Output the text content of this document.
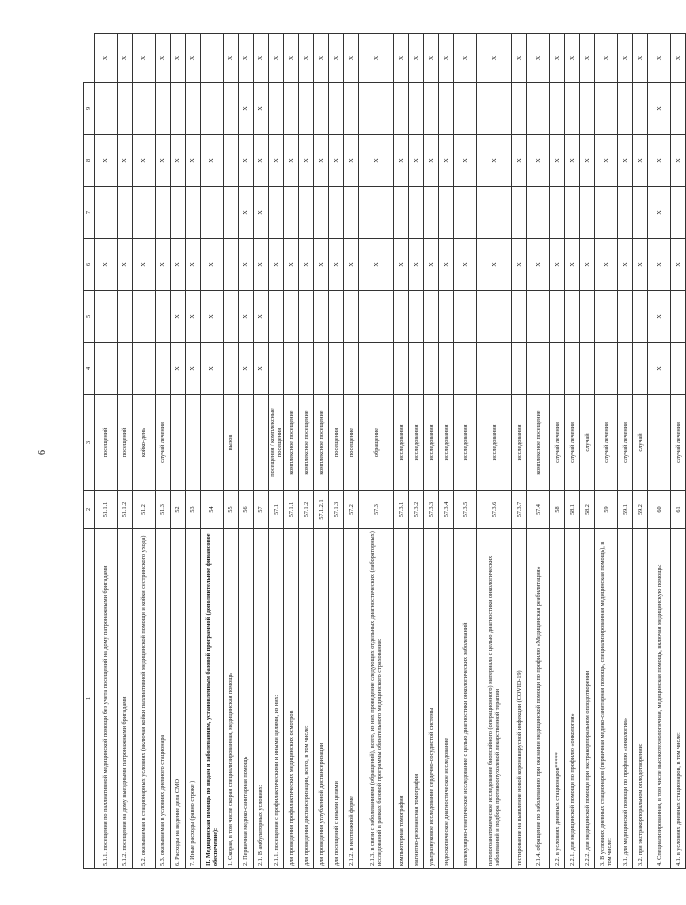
6
1	2	3	4	5	6	7	8	9	
5.1.1. посещения по паллиативной медицинской помощи без учета посещений на дому патронажными бригадами	51.1.1	посещений			X		X		X
5.1.2. посещения на дому выездными патронажными бригадами	51.1.2	посещений			X		X		X
5.2. оказываемая в стационарных условиях (включая койки паллиативной медицинской помощи и койки сестринского ухода)	51.2	койко-день			X		X		X
5.3. оказываемая в условиях дневного стационара	51.3	случай лечения			X		X		X
6. Расходы на ведение дела СМО	52		X	X	X		X		X
7. Иные расходы (равно строке )	53		X	X	X		X		X
II. Медицинская помощь по видам и заболеваниям, установленным базовой программой (дополнительное финансовое обеспечение):	54		X	X	X		X		
1. Скорая, в том числе скорая специализированная, медицинская помощь	55	вызов							X
2. Первичная медико-санитарная помощь	56		X	X	X	X	X	X	X
2.1. В амбулаторных условиях:	57		X	X	X	X	X	X	X
2.1.1. посещения с профилактическими и иными целями, из них:	57.1	посещения / комплексные посещения			X		X		X
для проведения профилактических медицинских осмотров	57.1.1	комплексное посещение			X		X		X
для проведения диспансеризации, всего, в том числе:	57.1.2	комплексное посещение			X		X		X
для проведения углубленной диспансеризации	57.1.2.1	комплексное посещение			X		X		X
для посещений с иными целями	57.1.3	посещения			X		X		X
2.1.2. в неотложной форме	57.2	посещение			X		X		X
2.1.3. в связи с заболеваниями (обращений), всего, из них проведение следующих отдельных диагностических (лабораторных) исследований в рамках базовой программы обязательного медицинского страхования:	57.3	обращение			X		X		X
компьютерная томография	57.3.1	исследования			X		X		X
магнитно-резонансная томография	57.3.2	исследования			X		X		X
ультразвуковое исследование сердечно-сосудистой системы	57.3.3	исследования			X		X		X
эндоскопическое диагностическое исследование	57.3.4	исследования			X		X		X
молекулярно-генетическое исследование с целью диагностики онкологических заболеваний	57.3.5	исследования			X		X		X
патологоанатомическое исследование биопсийного (операционного) материала с целью диагностики онкологических заболеваний и подбора противоопухолевой лекарственной терапии	57.3.6	исследования			X		X		X
тестирование на выявление новой коронавирусной инфекции (COVID-19)	57.3.7	исследования			X		X		X
2.1.4. обращение по заболеванию при оказании медицинской помощи по профилю «Медицинская реабилитация»	57.4	комплексное посещение			X		X		X
2.2. в условиях дневных стационаров*****	58	случай лечения			X		X		X
2.2.1. для медицинской помощи по профилю «онкология»	58.1	случай лечения			X		X		X
2.2.2. для медицинской помощи при экстракорпоральном оплодотворении	58.2	случай			X		X		X
3. В условиях дневных стационаров (первичная медико-санитарная помощь, специализированная медицинская помощь), в том числе:	59	случай лечения			X		X		X
3.1. для медицинской помощи по профилю «онкология»	59.1	случай лечения			X		X		X
3.2. при экстракорпоральном оплодотворении:	59.2	случай			X		X		X
4. Специализированная, в том числе высокотехнологичная, медицинская помощь, включая медицинскую помощь:	60		X	X	X	X	X	X	X
4.1. в условиях дневных стационаров, в том числе:	61	случай лечения			X		X		X
